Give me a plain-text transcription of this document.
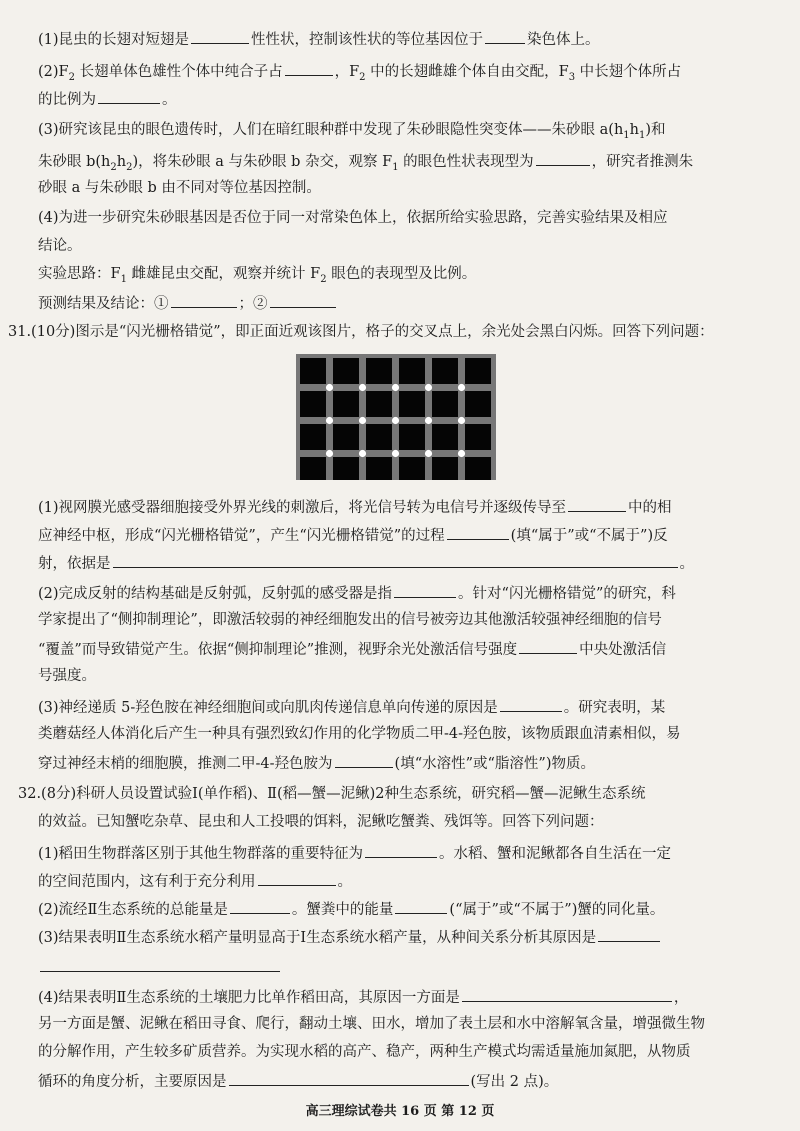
(1)昆虫的长翅对短翅是	性性状，控制该性状的等位基因位于	染色体上。
$(2)F_2$ 长翅单体色雄性个体中纯合子占	，$F_2$ 中的长翅雌雄个体自由交配，$F_3$ 中长翅个体所占
的比例为	。
(3)研究该昆虫的眼色遗传时，人们在暗红眼种群中发现了朱砂眼隐性突变体——朱砂眼 $a(h_1h_1)$和
朱砂眼 $b(h_2h_2)$，将朱砂眼 a 与朱砂眼 b 杂交，观察 $F_1$ 的眼色性状表现型为	，研究者推测朱
砂眼 a 与朱砂眼 b 由不同对等位基因控制。
(4)为进一步研究朱砂眼基因是否位于同一对常染色体上，依据所给实验思路，完善实验结果及相应
结论。
实验思路：$F_1$ 雌雄昆虫交配，观察并统计 $F_2$ 眼色的表现型及比例。
预测结果及结论：①	；②
31.(10分)图示是“闪光栅格错觉”，即正面近观该图片，格子的交叉点上，余光处会黑白闪烁。回答下列问题：
(1)视网膜光感受器细胞接受外界光线的刺激后，将光信号转为电信号并逐级传导至	中的相
应神经中枢，形成“闪光栅格错觉”，产生“闪光栅格错觉”的过程	(填“属于”或“不属于”)反
射，依据是	。
(2)完成反射的结构基础是反射弧，反射弧的感受器是指	。针对“闪光栅格错觉”的研究，科
学家提出了“侧抑制理论”，即激活较弱的神经细胞发出的信号被旁边其他激活较强神经细胞的信号
“覆盖”而导致错觉产生。依据“侧抑制理论”推测，视野余光处激活信号强度	中央处激活信
号强度。
(3)神经递质 5-羟色胺在神经细胞间或向肌肉传递信息单向传递的原因是	。研究表明，某
类蘑菇经人体消化后产生一种具有强烈致幻作用的化学物质二甲-4-羟色胺，该物质跟血清素相似，易
穿过神经末梢的细胞膜，推测二甲-4-羟色胺为	(填“水溶性”或“脂溶性”)物质。
32.(8分)科研人员设置试验Ⅰ(单作稻)、Ⅱ(稻—蟹—泥鳅)2种生态系统，研究稻—蟹—泥鳅生态系统
的效益。已知蟹吃杂草、昆虫和人工投喂的饵料，泥鳅吃蟹粪、残饵等。回答下列问题：
(1)稻田生物群落区别于其他生物群落的重要特征为	。水稻、蟹和泥鳅都各自生活在一定
的空间范围内，这有利于充分利用	。
(2)流经Ⅱ生态系统的总能量是	。蟹粪中的能量	(“属于”或“不属于”)蟹的同化量。
(3)结果表明Ⅱ生态系统水稻产量明显高于Ⅰ生态系统水稻产量，从种间关系分析其原因是
(4)结果表明Ⅱ生态系统的土壤肥力比单作稻田高，其原因一方面是	，
另一方面是蟹、泥鳅在稻田寻食、爬行，翻动土壤、田水，增加了表土层和水中溶解氧含量，增强微生物
的分解作用，产生较多矿质营养。为实现水稻的高产、稳产，两种生产模式均需适量施加氮肥，从物质
循环的角度分析，主要原因是	(写出 2 点)。
高三理综试卷共 16 页 第 12 页
